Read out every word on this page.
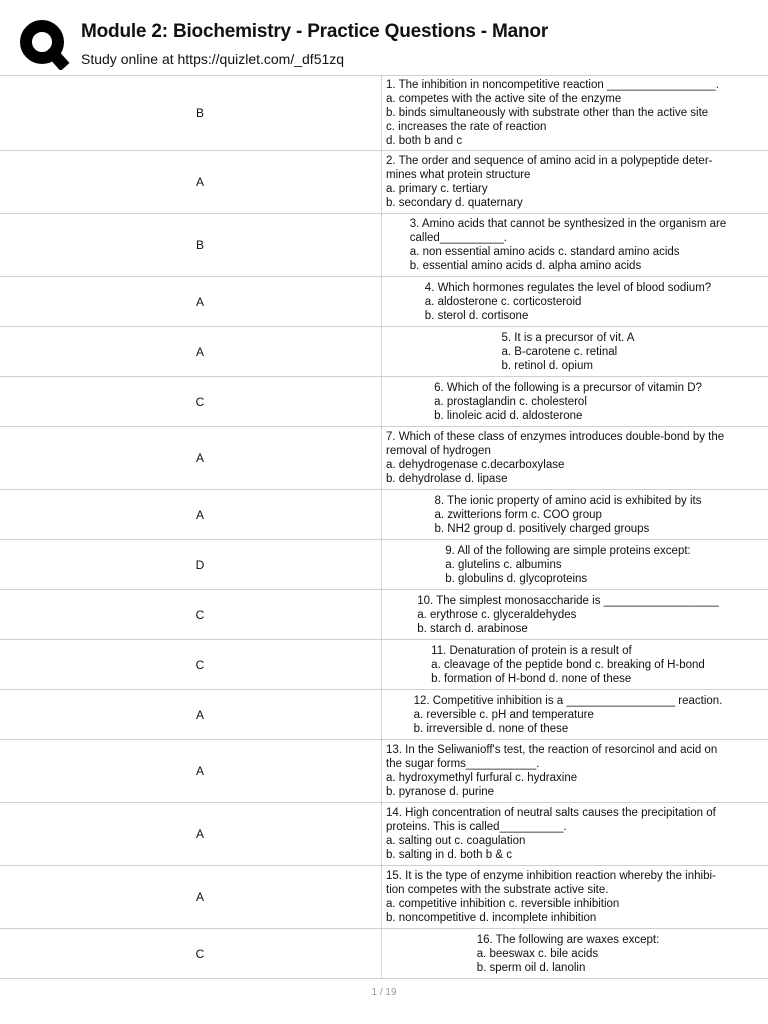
Module 2: Biochemistry - Practice Questions - Manor
Study online at https://quizlet.com/_df51zq
B
1. The inhibition in noncompetitive reaction _________________.
a. competes with the active site of the enzyme
b. binds simultaneously with substrate other than the active site
c. increases the rate of reaction
d. both b and c
A
2. The order and sequence of amino acid in a polypeptide deter-
mines what protein structure
a. primary c. tertiary
b. secondary d. quaternary
B
3. Amino acids that cannot be synthesized in the organism are
called__________.
a. non essential amino acids c. standard amino acids
b. essential amino acids d. alpha amino acids
A
4. Which hormones regulates the level of blood sodium?
a. aldosterone c. corticosteroid
b. sterol d. cortisone
A
5. It is a precursor of vit. A
a. B-carotene c. retinal
b. retinol d. opium
C
6. Which of the following is a precursor of vitamin D?
a. prostaglandin c. cholesterol
b. linoleic acid d. aldosterone
A
7. Which of these class of enzymes introduces double-bond by the
removal of hydrogen
a. dehydrogenase c.decarboxylase
b. dehydrolase d. lipase
A
8. The ionic property of amino acid is exhibited by its
a. zwitterions form c. COO group
b. NH2 group d. positively charged groups
D
9. All of the following are simple proteins except:
a. glutelins c. albumins
b. globulins d. glycoproteins
C
10. The simplest monosaccharide is __________________
a. erythrose c. glyceraldehydes
b. starch d. arabinose
C
11. Denaturation of protein is a result of
a. cleavage of the peptide bond c. breaking of H-bond
b. formation of H-bond d. none of these
A
12. Competitive inhibition is a _________________ reaction.
a. reversible c. pH and temperature
b. irreversible d. none of these
A
13. In the Seliwanioff's test, the reaction of resorcinol and acid on
the sugar forms___________.
a. hydroxymethyl furfural c. hydraxine
b. pyranose d. purine
A
14. High concentration of neutral salts causes the precipitation of
proteins. This is called__________.
a. salting out c. coagulation
b. salting in d. both b & c
A
15. It is the type of enzyme inhibition reaction whereby the inhibi-
tion competes with the substrate active site.
a. competitive inhibition c. reversible inhibition
b. noncompetitive d. incomplete inhibition
C
16. The following are waxes except:
a. beeswax c. bile acids
b. sperm oil d. lanolin
1 / 19
